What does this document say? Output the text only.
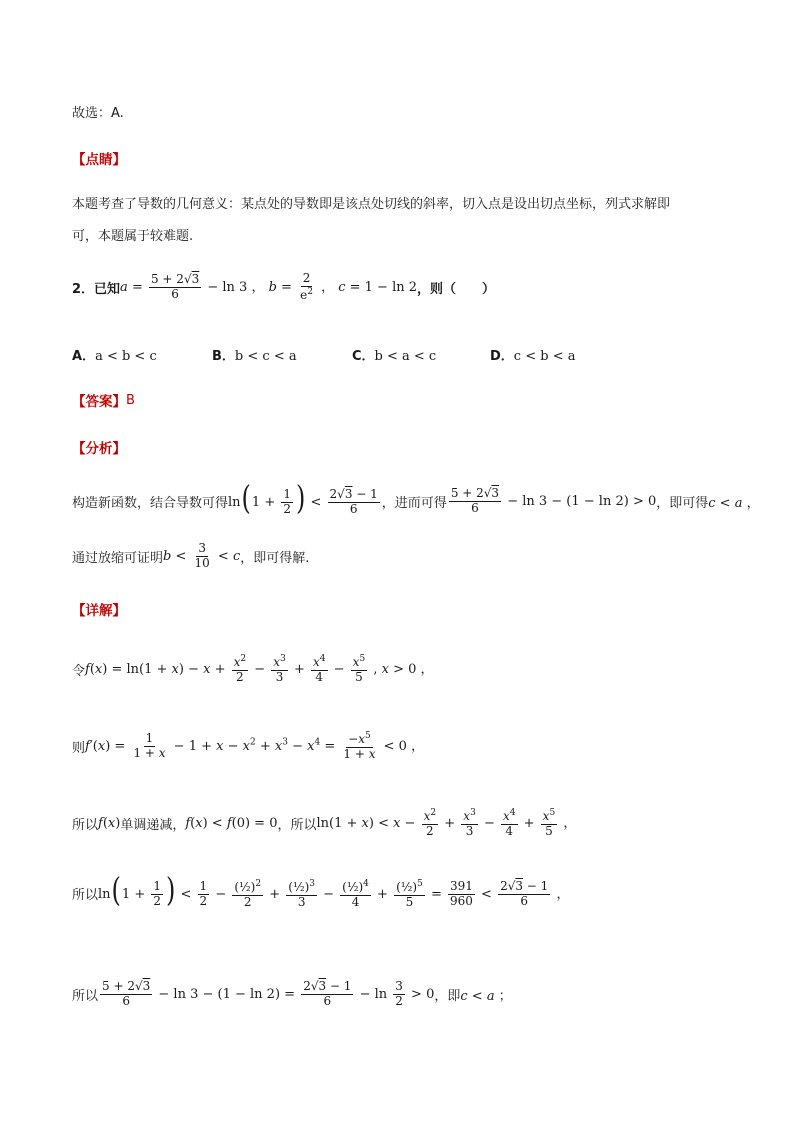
故选：A.
【点睛】
本题考查了导数的几何意义：某点处的导数即是该点处切线的斜率，切入点是设出切点坐标，列式求解即
可，本题属于较难题.
2．已知 $a = \frac{5 + 2√3}{6} - \ln 3$ ， $b = \frac{2}{e^2}$ ， c = 1 − ln 2 ，则（　　）
A．a < b < c	B．b < c < a	C．b < a < c	D．c < b < a
【答案】 B
【分析】
构造新函数，结合导数可得 $\ln(1 + \frac{1}{2}$ ) < $\frac{2√3 - 1}{6}$ ，进而可得 $\frac{5 + 2√3}{6} - \ln 3 - (1 - \ln 2) > 0$ ，即可得 c < a ，
通过放缩可证明 $b < \frac{3}{10} < c$ ，即可得解.
【详解】
令 $f(x) = \ln(1 + x) - x + \frac{x^2}{2} - \frac{x^3}{3} + \frac{x^4}{4} - \frac{x^5}{5}$ , x > 0 ，
则 $f'(x) = \frac{1}{1 + x} - 1 + x - x^2 + x^3 - x^4 = \frac{-x^5}{1 + x} < 0$ ，
所以 f(x) 单调递减， f(x) < f(0) = 0 ，所以 $\ln(1 + x) < x - \frac{x^2}{2} + \frac{x^3}{3} - \frac{x^4}{4} + \frac{x^5}{5}$ ，
所以 $\ln(1 + \frac{1}{2}$ ) < $\frac{1}{2} - \frac{(\frac{1}{2})^2}{2} + \frac{(\frac{1}{2})^3}{3} - \frac{(\frac{1}{2})^4}{4} + \frac{(\frac{1}{2})^5}{5} = \frac{391}{960} < \frac{2√3 - 1}{6}$ ，
所以 $\frac{5 + 2√3}{6} - \ln 3 - (1 - \ln 2) = \frac{2√3 - 1}{6} - \ln \frac{3}{2} > 0$ ，即 c < a ；
